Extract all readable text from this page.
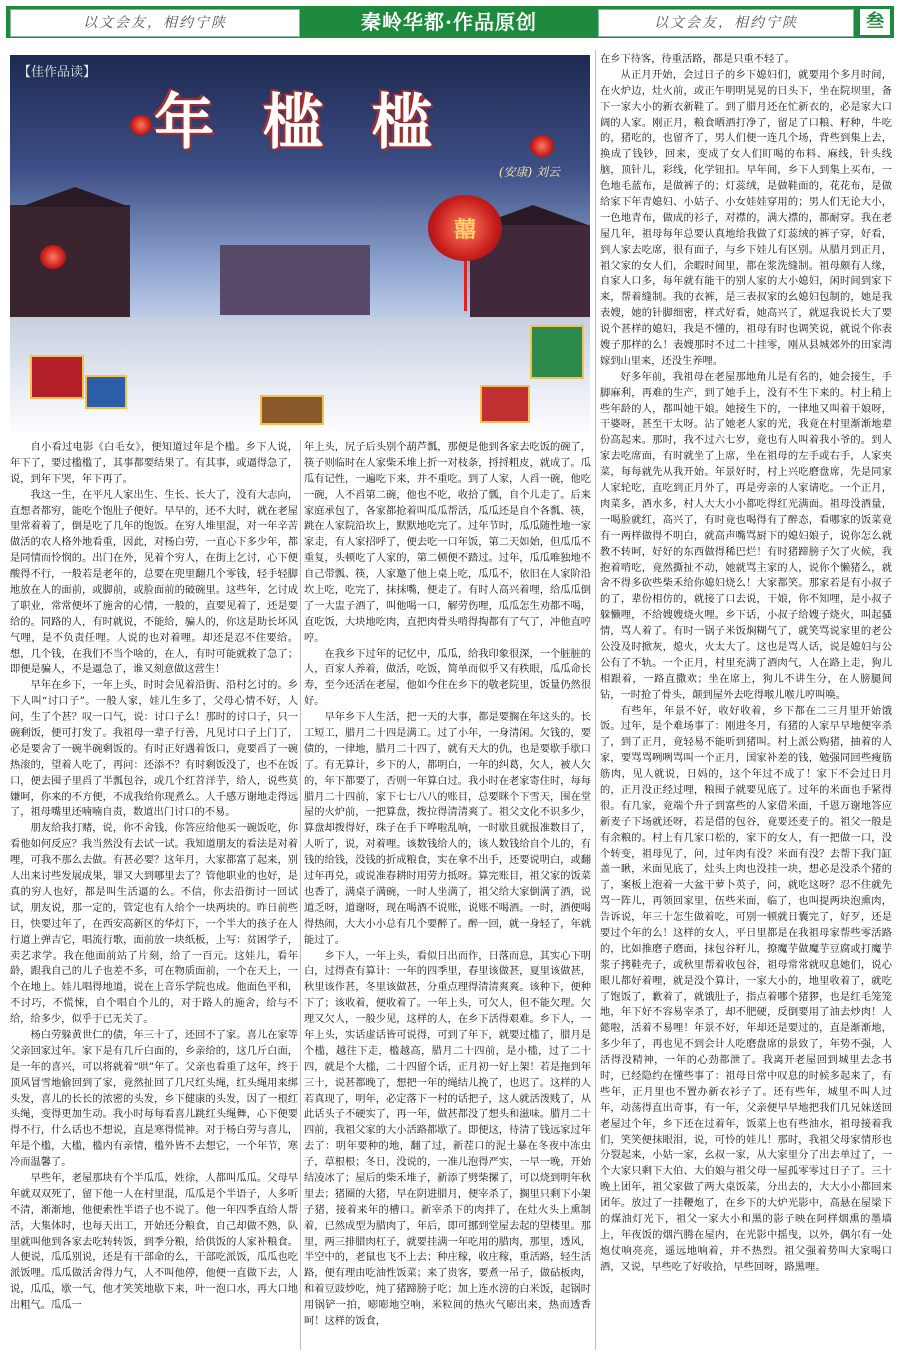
以文会友，相约宁陕	秦岭华都·作品原创	以文会友，相约宁陕	叁
囍
【佳作品读】
年 槛 槛
(安康) 刘云

自小看过电影《白毛女》，便知道过年是个槛。乡下人说，年下了，要过槛槛了，其事都要结果了。有其事，或逼得急了，说，到年下哭，年下再了。

我这一生，在平凡人家出生、生长、长大了，没有大志向，直想者都穷，能吃个饱肚子便好。早早的，还不大时，就在老屋里常着着了，倒是吃了几年的饱饭。在穷人堆里混，对一年辛苦做活的农人格外地看重，因此，对杨白劳，一直心下多少年，都是同情而怜悯的。出门在外，见着个穷人，在街上乞讨，心下便酸得不行，一般若是老年的，总要在兜里翻几个零钱，轻手轻脚地放在人的面前，或脚前，或脸面前的破碗里。这些年，乞讨成了职业，常常便坏了施舍的心情，一般的，直要见着了，还是要给的。同路的人，有时就说，不能给，骗人的，你这是助长坏风气哩，是不负责任哩。人说的也对着哩。却还是忍不住要给。想，几个钱，在我们不当个啥的，在人，有时可能就救了急了；即便是骗人，不是逼急了，谁又刻意做这营生！

早年在乡下，一年上头，时时会见着沿街、沿村乞讨的。乡下人叫“讨口子”。一般人家，娃儿生多了，父母心情不好，人问，生了个甚？叹一口气，说：讨口子么！那时的讨口子，只一碗剩饭，便可打发了。我祖母一辈子行善，凡见讨口子上门了，必是要舍了一碗半碗剩饭的。有时正好遇着饭口，竟要舀了一碗热滚的，望着人吃了，再问：还添不？有时剩饭没了，也不在饭口，便去囤子里舀了半瓢包谷，或几个红苕洋芋，给人，说些莫嫌呵，你来的不方便，不成我给你现煮么。人千感万谢地走得远了，祖母嘴里还喃喃自责，数道出门讨口的不易。

朋友给我打赌，说，你不舍钱，你答应给他买一碗饭吃，你看他如何反应？我当然没有去试一试。我知道朋友的看法是对着哩，可我不那么去做。有甚必要？这年月，大家都富了起来，别人出来讨些发展成果，罪又大到哪里去了？管他职业的也好，是真的穷人也好，都是叫生活逼的么。不信，你去沿街讨一回试试，朋友说，那一定的，管定也有人给个一块两块的。昨日前些日，快要过年了，在西安高新区的华灯下，一个半大的孩子在人行道上弹吉它，唱流行歌，面前放一块纸板，上写：贫困学子，卖艺求学。我在他面前站了片刻，给了一百元。这娃儿，看年龄，跟我自己的儿子也差不多，可在物质面前，一个在天上，一个在地上。娃儿唱得地道，说在上音乐学院也成。他面色平和，不讨巧，不慌悚，自个唱自个儿的，对于路人的施舍，给与不给，给多少，似乎于已无关了。

杨白劳躲黄世仁的债，年三十了，还回不了家。喜儿在家等父亲回家过年。家下是有几斤白面的，乡亲给的，这几斤白面，是一年的喜兴，可以将就着“哄”年了。父亲也看重了这年，终于顶风冒雪地偷回到了家，竟然扯回了几尺红头绳，红头绳用来绑头发，喜儿的长长的浓密的头发，乡下健康的头发，因了一根红头绳，变得更加生动。我小时每每看喜儿跳红头绳舞，心下便要得不行，什么话也不想说，直是寒得慌神。对于杨白劳与喜儿，年是个槛，大槛，槛内有亲情，槛外皆不去想它，一个年节，寒冷而温馨了。

早些年，老屋那块有个半瓜瓜，姓徐，人都叫瓜瓜。父母早年就双双死了，留下他一人在村里混，瓜瓜是个半语子，人多听不清，渐渐地，他便索性半语子也不说了。他一年四季直给人帮活，大集体时，也每天出工，开始还分粮食，自己却做不熟，队里就叫他到各家去吃转转饭，到季分粮，给供饭的人家补粮食。人便说，瓜瓜别说，还是有干部命的么，干部吃派饭，瓜瓜也吃派饭哩。瓜瓜做活舍得力气，人不叫他停，他便一直做下去，人说，瓜瓜，歇一气，他才笑笑地歇下来，叶一泡口水，再大口地出粗气。瓜瓜一

年上头，尻子后头别个葫芦瓢，那便是他到各家去吃饭的碗了，筷子则临时在人家柴禾堆上折一对枝条，捋捋粗皮，就成了。瓜瓜有记性，一遍吃下来，并不重吃。到了人家，人舀一碗，他吃一碗，人不舀第二碗，他也不吃，收拾了瓢，自个儿走了。后来家庭承包了，各家都抢着叫瓜瓜帮活，瓜瓜还是自个各瓢、筷，跳在人家院沿坎上，默默地吃完了。过年节时，瓜瓜随性地一家家走，有人家招呼了，便去吃一口年饭，第二天如始，但瓜瓜不重复，头顿吃了人家的，第二顿便不踏过。过年，瓜瓜唯独地不自己带瓢、筷，人家邀了他上桌上吃，瓜瓜不，依旧在人家阶沿坎上吃，吃完了，抹抹嘴，便走了。有时人高兴着哩，给瓜瓜倒了一大盅子酒了，叫他喝一口，解劳伤哩，瓜瓜怎生劝都不喝，直吃饭，大块地吃肉，直把肉骨头啃得掏都有了气了，冲他直哼哼。

在我乡下过年的记忆中，瓜瓜，给我印象很深，一个脏脏的人，百家人养着，做活，吃饭，简单而似乎又有秩眼，瓜瓜命长寿，至今还活在老屋，他如今住在乡下的敬老院里，饭量仍然很好。

早年乡下人生活，把一天的大事，都是要搁在年这头的。长工短工，腊月二十四是满工。过了小年，一身清闲。欠钱的，要债的，一律地，腊月二十四了，就有天大的仇，也是要歇手歇口了。有无算计，乡下的人，都明白，一年的纠葛，欠人，被人欠的，年下都要了，否则一年算白过。我小时在老家寄住时，每每腊月二十四前，家下七七八八的账目，总要眯个下雪天，围在堂屋的火炉前，一把算盘，拨拉得清清爽了。祖父文化不识多少，算盘却拨得好，珠子在手下哗啦乱响，一时歇且就报准数目了，人听了，说，对着哩。该数钱给人的，该人数钱给自个儿的，有钱的给钱，没钱的折成粮食，实在拿不出手，还要说明白，或翻过年再兑，或说准春耕时用劳力抵呀。算完账目，祖父家的饭菜也香了，满桌子满碗，一时人坐满了，祖父给大家倒满了酒，说道乏呀，道谢呀，现在喝酒不说账，说账不喝酒。一时，酒便喝得热闹，大大小小总有几个要醉了。醉一回，就一身轻了，年就能过了。

乡下人，一年上头，看似日出而作，日落而息，其实心下明白，过得查有算计：一年的四季里，春里该做甚，夏里该做甚，秋里该作甚，冬里该做甚，分重点理得清清爽爽。该种下，便种下了；该收着，便收着了。一年上头，可欠人，但不能欠理。欠理又欠人，一般少见，这样的人，在乡下活得艰难。乡下人，一年上头，实话虚话皆可说得，可到了年下，就要过槛了，腊月是个槛，越往下走，槛越高，腊月二十四前，是小槛，过了二十四，就是个大槛，二十四留个话，正月初一好上架！若是拖到年三十，说甚都晚了，想把一年的绳结儿挽了，也迟了。这样的人若真现了，明年，必定落下一村的话把子，这人就活泼贱了，从此话头子不硬实了，再一年，做甚都没了想头和滋味。腊月二十四前，我祖父家的大小活路都歇了。即便这，待清了钱远家过年去了：明年要种的地，翻了过，新茬口的泥土暴在冬夜中冻虫子，草根根；冬日，没说的，一准儿泡得严实，一早一晚，开始结凌冰了；屋后的柴禾堆子，新添了劈柴摞了，可以烧到明年秋里去；猪圈的大猪，早在阴进腊月，便宰杀了，搁里只剩下小架子猪，接着来年的槽口。新宰杀下的肉拌了，在灶火头上熏制着，已然成型为腊肉了，年后，即可挪到堂屋去起的望楼里。那里，两三排腊肉杠子，就要挂满一年吃用的腊肉，那里，透风，半空中的，老鼠也飞不上去；种庄稼，收庄稼，重活路，轻生活路，便有理由吃油性饭菜；来了贵客，要煮一吊子，做砧板肉，和着豆豉炒吃，炖了猪蹄膀子吃；加上连水滂的白米饭，起锅时用锅铲一拍，嘭嘭地空响，米粒间的热火气嘭出来，热而透香呵！这样的饭食，

在乡下待客，待重活路，都是只重不轻了。

从正月开始，会过日子的乡下媳妇们，就要用个多月时间，在火炉边，灶火前，或正午明明晃晃的日头下，坐在院坝里，备下一家大小的新衣新鞋了。到了腊月还在忙新衣的，必是家大口阔的人家。刚正月，粮食晒酒打净了，留足了口粮、籽种，牛吃的，猪吃的，也留齐了，男人们便一连几个场，背些到集上去，换成了钱钞，回来，变成了女人们盯喝的布料、麻线，针头线脑，顶针儿，彩线，化学钮扣。早年间，乡下人到集上买布，一色地毛蓝布，是做裤子的；灯蕊绒，是做鞋面的，花花布，是做给家下年青媳妇、小姑子、小女娃娃穿用的；男人们无论大小，一色地青布，做成的衫子，对襟的，满大襟的，都耐穿。我在老屋几年，祖母每年总要认真地给我做了灯蕊绒的裤子穿，好看，到人家去吃席，很有面子，与乡下娃儿有区别。从腊月到正月，祖父家的女人们，余暇时间里，都在浆洗缝制。祖母颇有人缘，自家人口多，每年就有能干的别人家的大小媳妇，闲时间到家下来，帮着缝制。我的衣裤，是三表叔家的幺媳妇包制的，她是我表嫂，她的针脚细密，样式好看，她高兴了，就逗我说长大了要说个甚样的媳妇，我是不懂的，祖母有时也调笑说，就说个你表嫂子那样的么！表嫂那时不过二十挂零，刚从县城郊外的田家湾嫁到山里来，还没生养哩。

好多年前，我祖母在老屋那地角儿是有名的，她会接生，手脚麻利，再难的生产，到了她手上，没有不生下来的。村上稍上些年龄的人，都叫她干娘。她接生下的，一律地又叫着干娘呀，干婆呀，甚至干太呀。沾了她老人家的光，我竟在村里渐渐地辈份高起来。那时，我不过六七岁，竟也有人叫着我小爷的。到人家去吃席面，有时就坐了上席，坐在祖母的左手或右手，人家夹菜，每每就先从我开始。年景好时，村上兴吃磨盘席，先是同家人家轮吃，直吃到正月外了，再是旁亲的人家请吃。一个正月，肉菜多，酒水多，村人大大小小都吃得红光满面。祖母没酒量，一喝脸就红，高兴了，有时竟也喝得有了醉态，看哪家的饭菜竟有一两样做得不明白，就高声嘴骂厨下的媳妇娘子，说你怎么就教不转呵，好好的东西做得稀巴烂！有时猪蹄膀子欠了火候，我抱着啃吃，竟然撕扯不动，她就骂主家的人，说你个懒猪么，就舍不得多砍些柴禾给你媳妇烧么！大家都笑。那家若是有小叔子的了，辈份相仿的，就接了口去说，干娘，你不知哩，是小叔子躲懒哩，不给嫂嫂烧火哩。乡下话，小叔子给嫂子烧火，叫起骚情，骂人着了。有时一锅子米饭焖糊气了，就笑骂说家里的老公公没及时掀灰，熄火，火太大了。这也是骂人话，说是媳妇与公公有了不轨。一个正月，村里充满了酒肉气，人在路上走，狗儿相跟着，一路直撒欢；坐在席上，狗儿不讲生分，在人膀腿间钻，一时抢了骨头，颠到屋外去吃得喉儿喉儿哼叫唤。

有些年，年景不好，收好收着，乡下都在二三月里开始饿饭。过年，是个难场事了：刚进冬月，有猪的人家早早地便宰杀了，到了正月，竟轻易不能听到猪叫。村上派公购猪，抽着的人家，要骂骂咧咧骂叫一个正月，国家补差的钱，勉强同回些瘦筋筋肉，见人就说，日妈的，这个年过不成了！家下不会过日月的，正月没正经过哩，粮囤子就要见底了。过年的米面也手紧得很。有几家，竟端个升子到富些的人家借米面，千恩万谢地答应新麦子下场就还呀，若是借的包谷，竟要还麦子的。祖父一般是有余粮的。村上有几家口松的，家下的女人，有一把做一口，没个转变，祖母见了，问，过年肉有没？米面有没？去帮下我门缸盖一瞅，米面见底了，灶头上肉也没挂一块，想必是没杀个猪的了，案板上泡着一大盆干萝卜英子，问，就吃这呀？忍不住就先骂一阵儿，再领回家里，伍些米面，临了，也叫提两块泡熏肉，告诉说，年三十怎生做着吃，可别一顿就日囊完了，好歹，还是要过个年的么！这样的女人，平日里都是在我祖母家帮些零活路的，比如推磨子磨面，抹包谷籽儿，撩魔芋做魔芋豆腐或打魔芋浆子拷鞋壳子，或秋里帮着收包谷，祖母常常就叹息她们，说心眼儿都好着哩，就是没个算计，一家大小的，地里收着了，就吃了饱饭了，歉着了，就饿肚子，指点着哪个猪猡，也是红毛笼笼地，年下好不容易宰杀了，却不肥硬，反倒要用了油去炒肉！人懿啦，活着不易哩！年景不好，年却还是要过的，直是渐渐地，多少年了，再也见不到会计人吃磨盘席的景致了，年势不强，人活得没精神，一年的心劲都泄了。我离开老屋回到城里去念书时，已经隐约在懂些事了：祖母日常中叹息的时候多起来了，有些年，正月里也不置办新衣衫子了。还有些年，城里不叫人过年，动荡得直出奇事，有一年，父亲便早早地把我们几兄妹送回老屋过个年，乡下还在过着年，饭菜上也有些油水，祖母接着我们，笑笑便抹眼泪，说，可怜的娃儿！那时，我祖父母家情形也分裂起来，小姑一家，幺叔一家，从大家里分了出去单过了，一个大家只剩下大伯、大伯娘与祖父母一屋孤零零过日子了。三十晚上团年，祖父家做了两大桌饭菜，分出去的，大大小小都回来团年。放过了一挂鞭炮了，在乡下的大炉光影中，高悬在屋梁下的煤油灯光下，祖父一家大小和黑的影子映在阿样烟熏的墨墙上，年夜饭的烟汽腾在屋内，在光影中摇曳，以外，偶尔有一处炮仗响亮亮，遥远地响着，并不热烈。祖父强着势叫大家喝口酒，又说，早些吃了好收拾，早些回呀，路黑哩。
